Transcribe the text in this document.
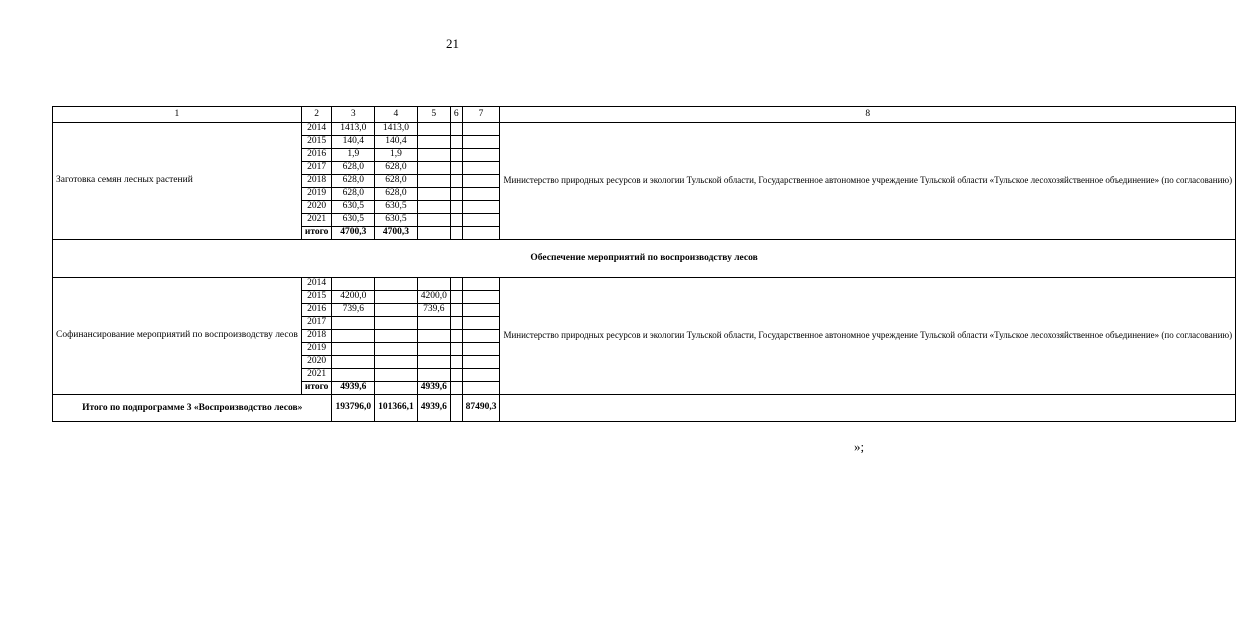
21
1	2	3	4	5	6	7	8
Заготовка семян лесных растений	2014	1413,0	1413,0				Министерство природных ресурсов и экологии Тульской области, Государственное автономное учреждение Тульской области «Тульское лесохозяйственное объединение» (по согласованию)
	2015	140,4	140,4				
	2016	1,9	1,9				
	2017	628,0	628,0				
	2018	628,0	628,0				
	2019	628,0	628,0				
	2020	630,5	630,5				
	2021	630,5	630,5				
	итого	4700,3	4700,3				
Обеспечение мероприятий по воспроизводству лесов							
Софинансирование мероприятий по воспроизводству лесов	2014						Министерство природных ресурсов и экологии Тульской области, Государственное автономное учреждение Тульской области «Тульское лесохозяйственное объединение» (по согласованию)
	2015	4200,0		4200,0			
	2016	739,6		739,6			
	2017						
	2018						
	2019						
	2020						
	2021						
	итого	4939,6		4939,6			
Итого по подпрограмме 3 «Воспроизводство лесов»		193796,0	101366,1	4939,6		87490,3	
»;
